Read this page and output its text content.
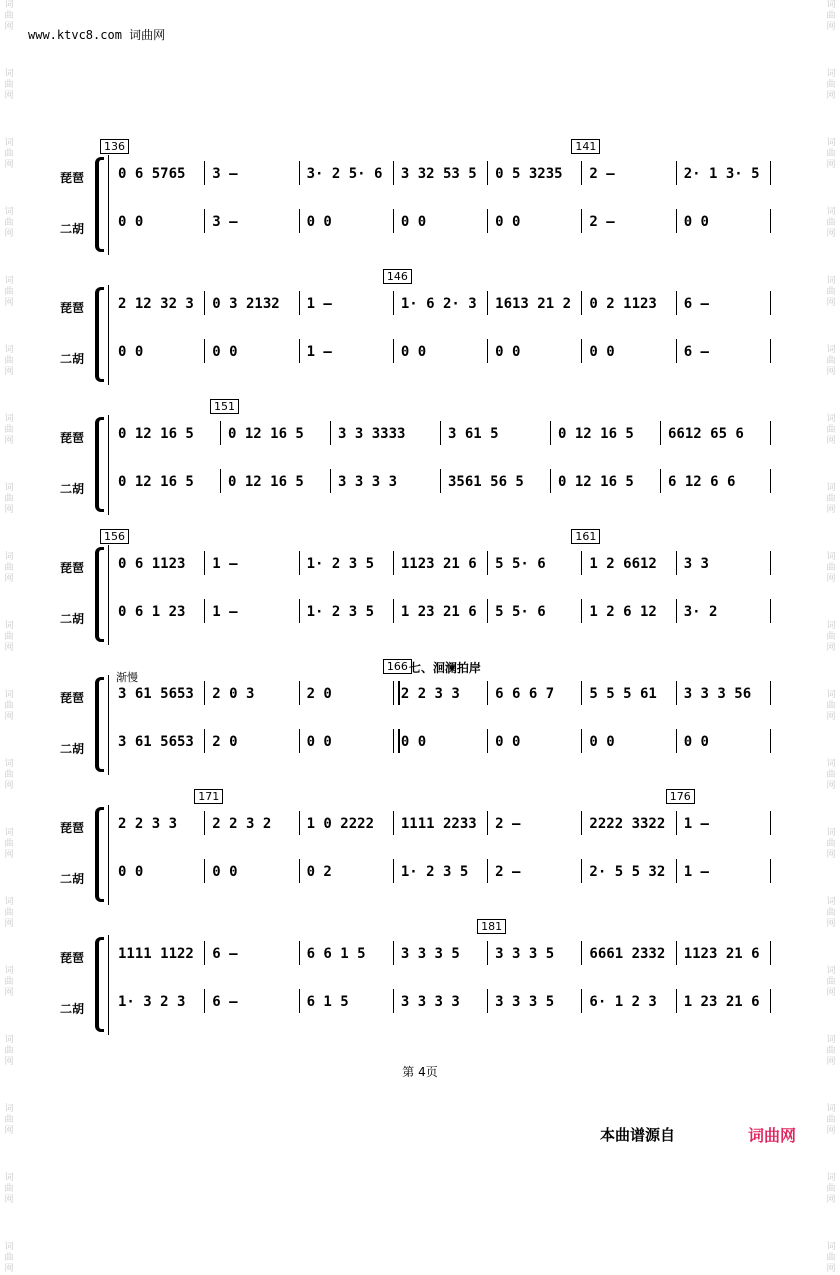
词
曲
网
词
曲
网
词
曲
网
词
曲
网
词
曲
网
词
曲
网
词
曲
网
词
曲
网
词
曲
网
词
曲
网
词
曲
网
词
曲
网
词
曲
网
词
曲
网
词
曲
网
词
曲
网
词
曲
网
词
曲
网
词
曲
网
词
曲
网
词
曲
网
词
曲
网
词
曲
网
词
曲
网
词
曲
网
词
曲
网
词
曲
网
词
曲
网
词
曲
网
词
曲
网
词
曲
网
词
曲
网
词
曲
网
词
曲
网
词
曲
网
词
曲
网
词
曲
网
词
曲
网
www.ktvc8.com 词曲网
琵琶
二胡
0 6 5765	3 –	3· 2 5· 6	3 32 53 5	0 5 3235	2 –	2· 1 3· 5
0 0	3 –	0 0	0 0	0 0	2 –	0 0
136	141
琵琶
二胡
2 12 32 3	0 3 2132	1 –	1· 6 2· 3	1613 21 2	0 2 1123	6 –
0 0	0 0	1 –	0 0	0 0	0 0	6 –
146
琵琶
二胡
0 12 16 5	0 12 16 5	3 3 3333	3 61 5	0 12 16 5	6612 65 6
0 12 16 5	0 12 16 5	3 3 3 3	3561 56 5	0 12 16 5	6 12 6 6
151
琵琶
二胡
0 6 1123	1 –	1· 2 3 5	1123 21 6	5 5· 6	1 2 6612	3 3
0 6 1 23	1 –	1· 2 3 5	1 23 21 6	5 5· 6	1 2 6 12	3· 2
156	161
琵琶
二胡
3 61 5653	2 0 3	2 0	2 2 3 3	6 6 6 7	5 5 5 61	3 3 3 56
3 61 5653	2 0	0 0	0 0	0 0	0 0	0 0
166 七、洄澜拍岸
渐慢
琵琶
二胡
2 2 3 3	2 2 3 2	1 0 2222	1111 2233	2 –	2222 3322	1 –
0 0	0 0	0 2	1· 2 3 5	2 –	2· 5 5 32	1 –
171	176
琵琶
二胡
1111 1122	6 –	6 6 1 5	3 3 3 5	3 3 3 5	6661 2332	1123 21 6
1· 3 2 3	6 –	6 1 5	3 3 3 3	3 3 3 5	6· 1 2 3	1 23 21 6
181
第 4页
本曲谱源自	词曲网
